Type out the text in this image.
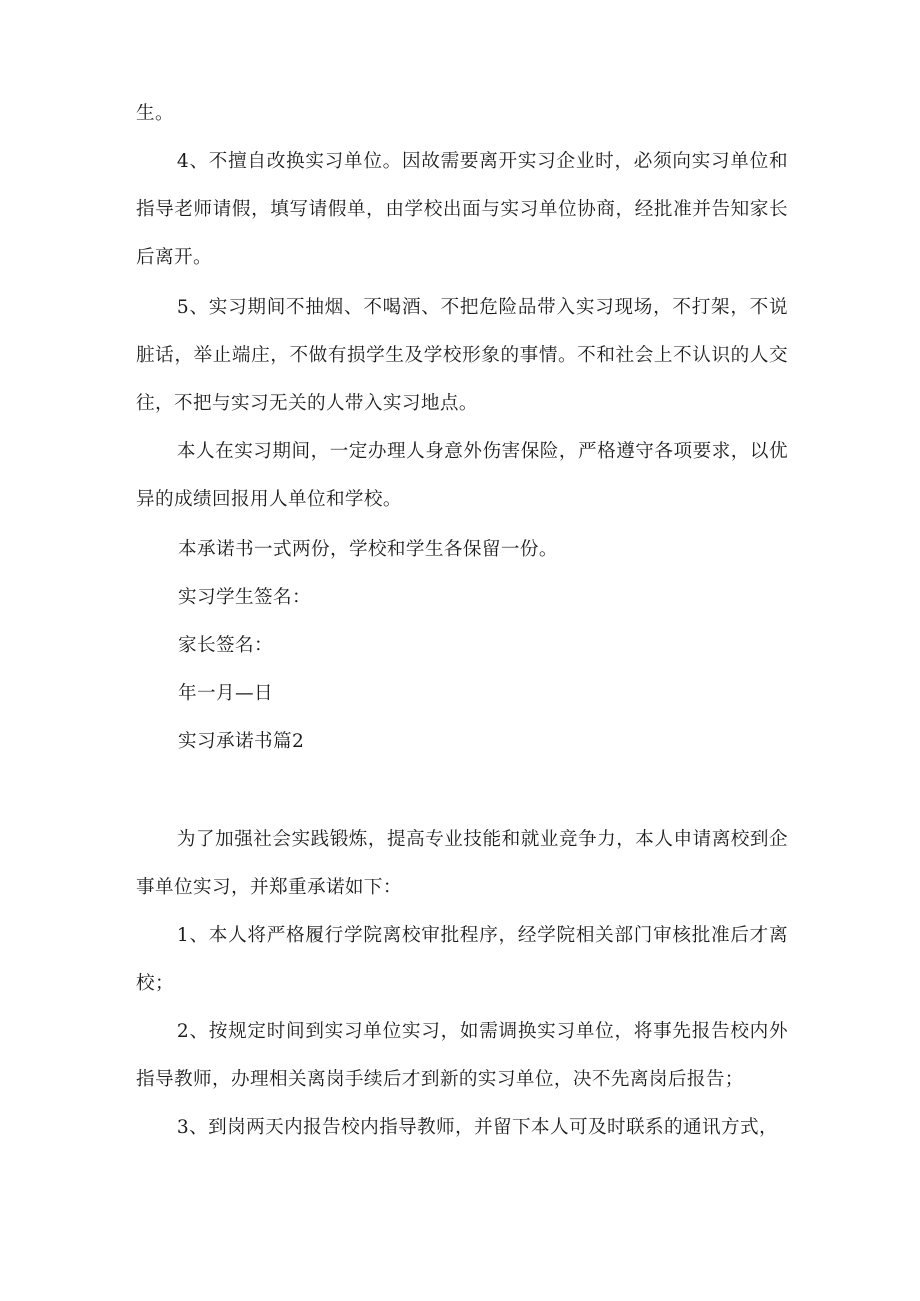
生。

4、不擅自改换实习单位。因故需要离开实习企业时，必须向实习单位和指导老师请假，填写请假单，由学校出面与实习单位协商，经批准并告知家长后离开。

5、实习期间不抽烟、不喝酒、不把危险品带入实习现场，不打架，不说脏话，举止端庄，不做有损学生及学校形象的事情。不和社会上不认识的人交往，不把与实习无关的人带入实习地点。

本人在实习期间，一定办理人身意外伤害保险，严格遵守各项要求，以优异的成绩回报用人单位和学校。

本承诺书一式两份，学校和学生各保留一份。

实习学生签名：

家长签名：

年一月—日

实习承诺书篇2

为了加强社会实践锻炼，提高专业技能和就业竞争力，本人申请离校到企事单位实习，并郑重承诺如下：

1、本人将严格履行学院离校审批程序，经学院相关部门审核批准后才离校；

2、按规定时间到实习单位实习，如需调换实习单位，将事先报告校内外指导教师，办理相关离岗手续后才到新的实习单位，决不先离岗后报告；

3、到岗两天内报告校内指导教师，并留下本人可及时联系的通讯方式，
